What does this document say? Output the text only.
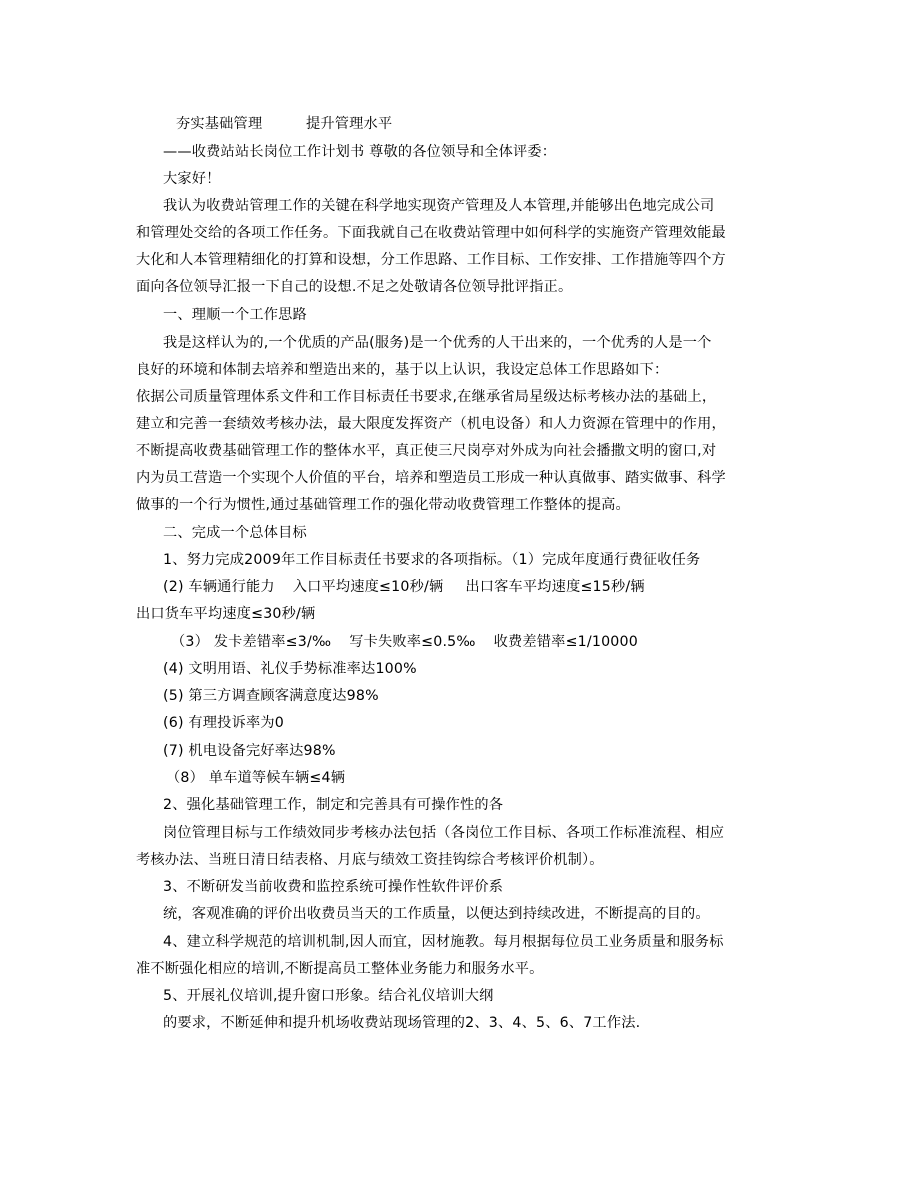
夯实基础管理	提升管理水平
——收费站站长岗位工作计划书 尊敬的各位领导和全体评委：
大家好！
我认为收费站管理工作的关键在科学地实现资产管理及人本管理,并能够出色地完成公司
和管理处交给的各项工作任务。下面我就自己在收费站管理中如何科学的实施资产管理效能最
大化和人本管理精细化的打算和设想，分工作思路、工作目标、工作安排、工作措施等四个方
面向各位领导汇报一下自己的设想.不足之处敬请各位领导批评指正。
一、理顺一个工作思路
我是这样认为的,一个优质的产品(服务)是一个优秀的人干出来的，一个优秀的人是一个
良好的环境和体制去培养和塑造出来的，基于以上认识，我设定总体工作思路如下：
依据公司质量管理体系文件和工作目标责任书要求,在继承省局星级达标考核办法的基础上，
建立和完善一套绩效考核办法，最大限度发挥资产（机电设备）和人力资源在管理中的作用，
不断提高收费基础管理工作的整体水平，真正使三尺岗亭对外成为向社会播撒文明的窗口,对
内为员工营造一个实现个人价值的平台，培养和塑造员工形成一种认真做事、踏实做事、科学
做事的一个行为惯性,通过基础管理工作的强化带动收费管理工作整体的提高。
二、完成一个总体目标
1、努力完成2009年工作目标责任书要求的各项指标。（1）完成年度通行费征收任务
(2) 车辆通行能力 入口平均速度≤10秒/辆 出口客车平均速度≤15秒/辆
出口货车平均速度≤30秒/辆
（3） 发卡差错率≤3/‰ 写卡失败率≤0.5‰ 收费差错率≤1/10000
(4) 文明用语、礼仪手势标准率达100%
(5) 第三方调查顾客满意度达98%
(6) 有理投诉率为0
(7) 机电设备完好率达98%
（8） 单车道等候车辆≤4辆
2、强化基础管理工作，制定和完善具有可操作性的各
岗位管理目标与工作绩效同步考核办法包括（各岗位工作目标、各项工作标准流程、相应
考核办法、当班日清日结表格、月底与绩效工资挂钩综合考核评价机制）。
3、不断研发当前收费和监控系统可操作性软件评价系
统，客观准确的评价出收费员当天的工作质量，以便达到持续改进，不断提高的目的。
4、建立科学规范的培训机制,因人而宜，因材施教。每月根据每位员工业务质量和服务标
准不断强化相应的培训,不断提高员工整体业务能力和服务水平。
5、开展礼仪培训,提升窗口形象。结合礼仪培训大纲
的要求，不断延伸和提升机场收费站现场管理的2、3、4、5、6、7工作法.
